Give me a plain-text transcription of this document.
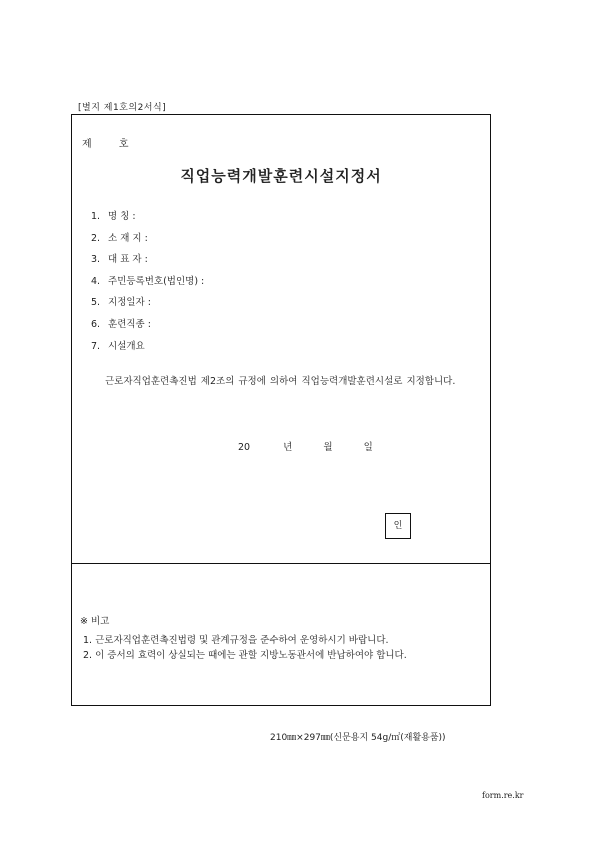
[별지 제1호의2서식]
제	호
직업능력개발훈련시설지정서
1. 명 칭 :
2. 소 재 지 :
3. 대 표 자 :
4. 주민등록번호(법인명) :
5. 지정일자 :
6. 훈련직종 :
7. 시설개요
근로자직업훈련촉진법 제2조의 규정에 의하여 직업능력개발훈련시설로 지정합니다.
20	년	월	일
인
※ 비고
1. 근로자직업훈련촉진법령 및 관계규정을 준수하여 운영하시기 바랍니다.
2. 이 증서의 효력이 상실되는 때에는 관할 지방노동관서에 반납하여야 합니다.
210㎜×297㎜(신문용지 54g/㎡(재활용품))
form.re.kr
